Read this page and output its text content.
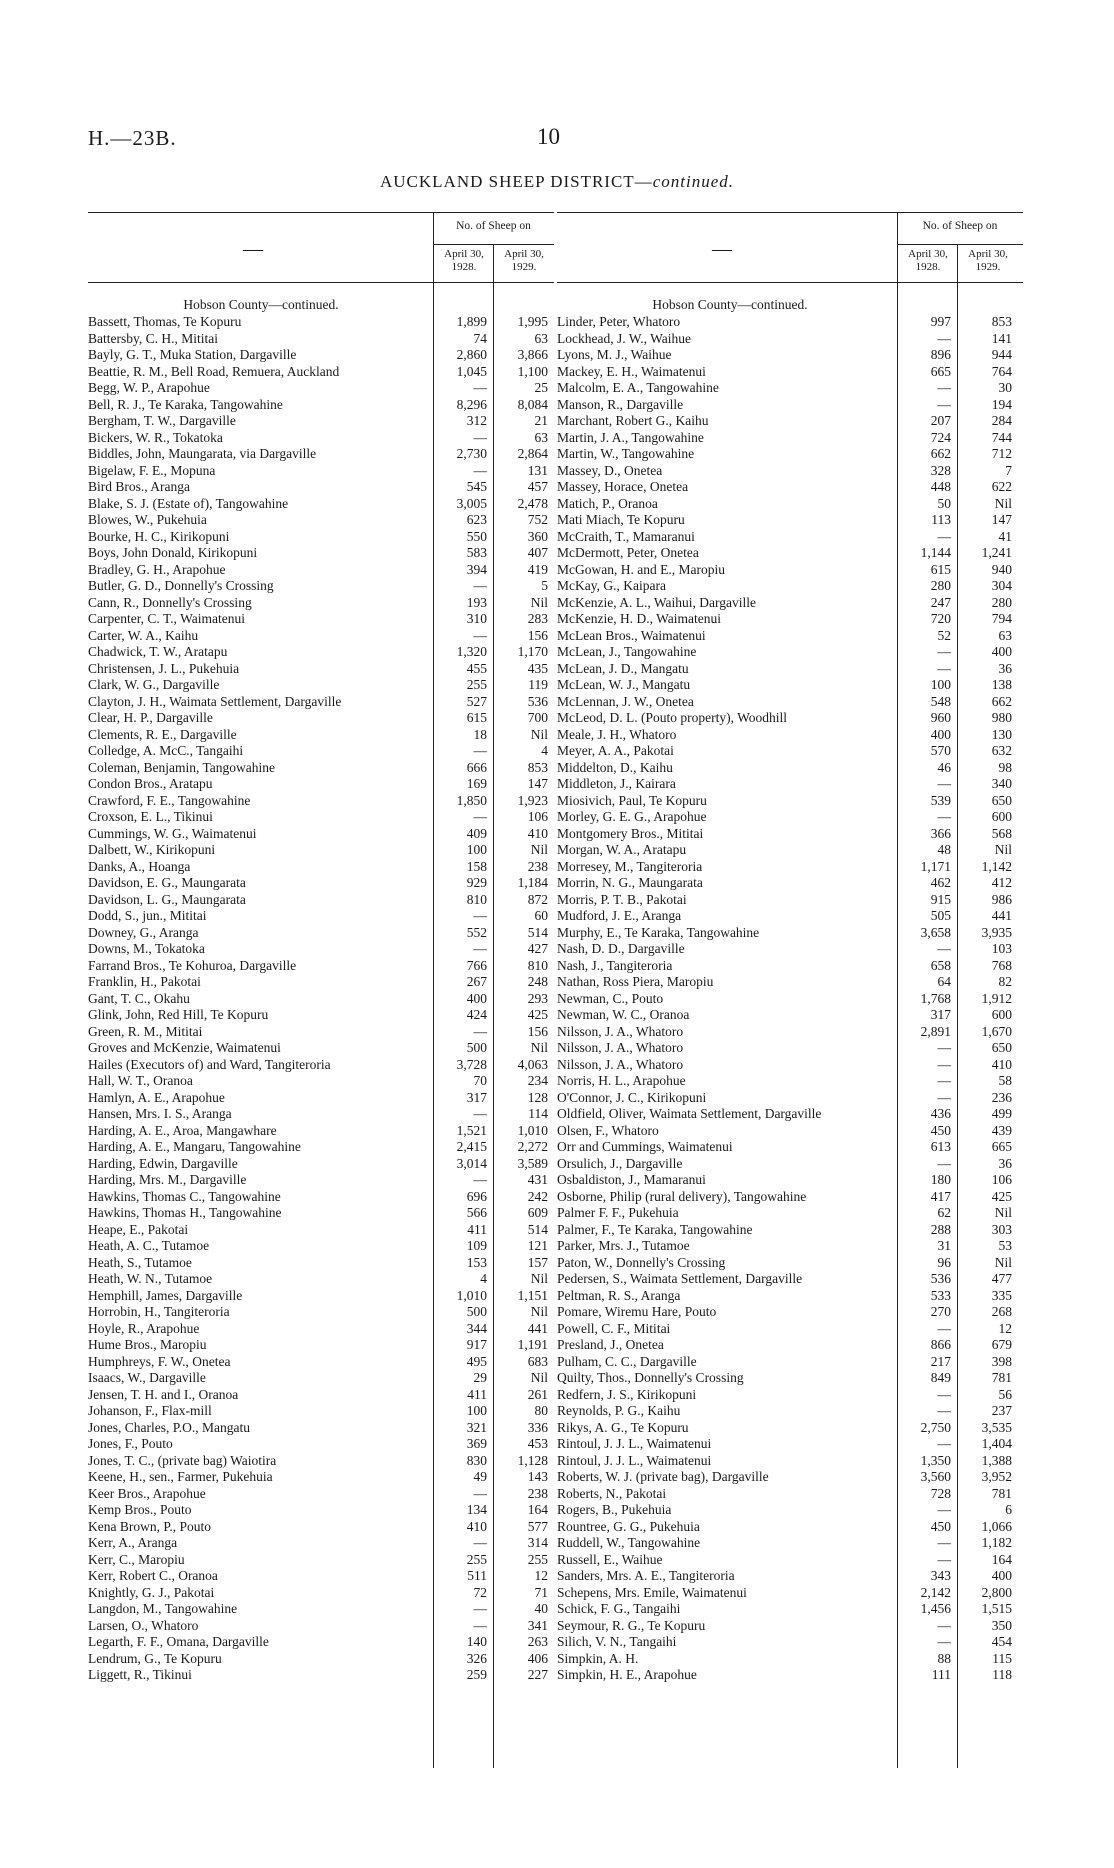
H.—23B.	10
AUCKLAND SHEEP DISTRICT—continued.
—
No. of Sheep on
April 30, 1928.
April 30, 1929.
Hobson County—continued.
Bassett, Thomas, Te Kopuru	1,899	1,995
Battersby, C. H., Mititai	74	63
Bayly, G. T., Muka Station, Dargaville	2,860	3,866
Beattie, R. M., Bell Road, Remuera, Auckland	1,045	1,100
Begg, W. P., Arapohue	—	25
Bell, R. J., Te Karaka, Tangowahine	8,296	8,084
Bergham, T. W., Dargaville	312	21
Bickers, W. R., Tokatoka	—	63
Biddles, John, Maungarata, via Dargaville	2,730	2,864
Bigelaw, F. E., Mopuna	—	131
Bird Bros., Aranga	545	457
Blake, S. J. (Estate of), Tangowahine	3,005	2,478
Blowes, W., Pukehuia	623	752
Bourke, H. C., Kirikopuni	550	360
Boys, John Donald, Kirikopuni	583	407
Bradley, G. H., Arapohue	394	419
Butler, G. D., Donnelly's Crossing	—	5
Cann, R., Donnelly's Crossing	193	Nil
Carpenter, C. T., Waimatenui	310	283
Carter, W. A., Kaihu	—	156
Chadwick, T. W., Aratapu	1,320	1,170
Christensen, J. L., Pukehuia	455	435
Clark, W. G., Dargaville	255	119
Clayton, J. H., Waimata Settlement, Dargaville	527	536
Clear, H. P., Dargaville	615	700
Clements, R. E., Dargaville	18	Nil
Colledge, A. McC., Tangaihi	—	4
Coleman, Benjamin, Tangowahine	666	853
Condon Bros., Aratapu	169	147
Crawford, F. E., Tangowahine	1,850	1,923
Croxson, E. L., Tikinui	—	106
Cummings, W. G., Waimatenui	409	410
Dalbett, W., Kirikopuni	100	Nil
Danks, A., Hoanga	158	238
Davidson, E. G., Maungarata	929	1,184
Davidson, L. G., Maungarata	810	872
Dodd, S., jun., Mititai	—	60
Downey, G., Aranga	552	514
Downs, M., Tokatoka	—	427
Farrand Bros., Te Kohuroa, Dargaville	766	810
Franklin, H., Pakotai	267	248
Gant, T. C., Okahu	400	293
Glink, John, Red Hill, Te Kopuru	424	425
Green, R. M., Mititai	—	156
Groves and McKenzie, Waimatenui	500	Nil
Hailes (Executors of) and Ward, Tangiteroria	3,728	4,063
Hall, W. T., Oranoa	70	234
Hamlyn, A. E., Arapohue	317	128
Hansen, Mrs. I. S., Aranga	—	114
Harding, A. E., Aroa, Mangawhare	1,521	1,010
Harding, A. E., Mangaru, Tangowahine	2,415	2,272
Harding, Edwin, Dargaville	3,014	3,589
Harding, Mrs. M., Dargaville	—	431
Hawkins, Thomas C., Tangowahine	696	242
Hawkins, Thomas H., Tangowahine	566	609
Heape, E., Pakotai	411	514
Heath, A. C., Tutamoe	109	121
Heath, S., Tutamoe	153	157
Heath, W. N., Tutamoe	4	Nil
Hemphill, James, Dargaville	1,010	1,151
Horrobin, H., Tangiteroria	500	Nil
Hoyle, R., Arapohue	344	441
Hume Bros., Maropiu	917	1,191
Humphreys, F. W., Onetea	495	683
Isaacs, W., Dargaville	29	Nil
Jensen, T. H. and I., Oranoa	411	261
Johanson, F., Flax-mill	100	80
Jones, Charles, P.O., Mangatu	321	336
Jones, F., Pouto	369	453
Jones, T. C., (private bag) Waiotira	830	1,128
Keene, H., sen., Farmer, Pukehuia	49	143
Keer Bros., Arapohue	—	238
Kemp Bros., Pouto	134	164
Kena Brown, P., Pouto	410	577
Kerr, A., Aranga	—	314
Kerr, C., Maropiu	255	255
Kerr, Robert C., Oranoa	511	12
Knightly, G. J., Pakotai	72	71
Langdon, M., Tangowahine	—	40
Larsen, O., Whatoro	—	341
Legarth, F. F., Omana, Dargaville	140	263
Lendrum, G., Te Kopuru	326	406
Liggett, R., Tikinui	259	227
—
No. of Sheep on
April 30, 1928.
April 30, 1929.
Hobson County—continued.
Linder, Peter, Whatoro	997	853
Lockhead, J. W., Waihue	—	141
Lyons, M. J., Waihue	896	944
Mackey, E. H., Waimatenui	665	764
Malcolm, E. A., Tangowahine	—	30
Manson, R., Dargaville	—	194
Marchant, Robert G., Kaihu	207	284
Martin, J. A., Tangowahine	724	744
Martin, W., Tangowahine	662	712
Massey, D., Onetea	328	7
Massey, Horace, Onetea	448	622
Matich, P., Oranoa	50	Nil
Mati Miach, Te Kopuru	113	147
McCraith, T., Mamaranui	—	41
McDermott, Peter, Onetea	1,144	1,241
McGowan, H. and E., Maropiu	615	940
McKay, G., Kaipara	280	304
McKenzie, A. L., Waihui, Dargaville	247	280
McKenzie, H. D., Waimatenui	720	794
McLean Bros., Waimatenui	52	63
McLean, J., Tangowahine	—	400
McLean, J. D., Mangatu	—	36
McLean, W. J., Mangatu	100	138
McLennan, J. W., Onetea	548	662
McLeod, D. L. (Pouto property), Woodhill	960	980
Meale, J. H., Whatoro	400	130
Meyer, A. A., Pakotai	570	632
Middelton, D., Kaihu	46	98
Middleton, J., Kairara	—	340
Miosivich, Paul, Te Kopuru	539	650
Morley, G. E. G., Arapohue	—	600
Montgomery Bros., Mititai	366	568
Morgan, W. A., Aratapu	48	Nil
Morresey, M., Tangiteroria	1,171	1,142
Morrin, N. G., Maungarata	462	412
Morris, P. T. B., Pakotai	915	986
Mudford, J. E., Aranga	505	441
Murphy, E., Te Karaka, Tangowahine	3,658	3,935
Nash, D. D., Dargaville	—	103
Nash, J., Tangiteroria	658	768
Nathan, Ross Piera, Maropiu	64	82
Newman, C., Pouto	1,768	1,912
Newman, W. C., Oranoa	317	600
Nilsson, J. A., Whatoro	2,891	1,670
Nilsson, J. A., Whatoro	—	650
Nilsson, J. A., Whatoro	—	410
Norris, H. L., Arapohue	—	58
O'Connor, J. C., Kirikopuni	—	236
Oldfield, Oliver, Waimata Settlement, Dargaville	436	499
Olsen, F., Whatoro	450	439
Orr and Cummings, Waimatenui	613	665
Orsulich, J., Dargaville	—	36
Osbaldiston, J., Mamaranui	180	106
Osborne, Philip (rural delivery), Tangowahine	417	425
Palmer F. F., Pukehuia	62	Nil
Palmer, F., Te Karaka, Tangowahine	288	303
Parker, Mrs. J., Tutamoe	31	53
Paton, W., Donnelly's Crossing	96	Nil
Pedersen, S., Waimata Settlement, Dargaville	536	477
Peltman, R. S., Aranga	533	335
Pomare, Wiremu Hare, Pouto	270	268
Powell, C. F., Mititai	—	12
Presland, J., Onetea	866	679
Pulham, C. C., Dargaville	217	398
Quilty, Thos., Donnelly's Crossing	849	781
Redfern, J. S., Kirikopuni	—	56
Reynolds, P. G., Kaihu	—	237
Rikys, A. G., Te Kopuru	2,750	3,535
Rintoul, J. J. L., Waimatenui	—	1,404
Rintoul, J. J. L., Waimatenui	1,350	1,388
Roberts, W. J. (private bag), Dargaville	3,560	3,952
Roberts, N., Pakotai	728	781
Rogers, B., Pukehuia	—	6
Rountree, G. G., Pukehuia	450	1,066
Ruddell, W., Tangowahine	—	1,182
Russell, E., Waihue	—	164
Sanders, Mrs. A. E., Tangiteroria	343	400
Schepens, Mrs. Emile, Waimatenui	2,142	2,800
Schick, F. G., Tangaihi	1,456	1,515
Seymour, R. G., Te Kopuru	—	350
Silich, V. N., Tangaihi	—	454
Simpkin, A. H.	88	115
Simpkin, H. E., Arapohue	111	118
